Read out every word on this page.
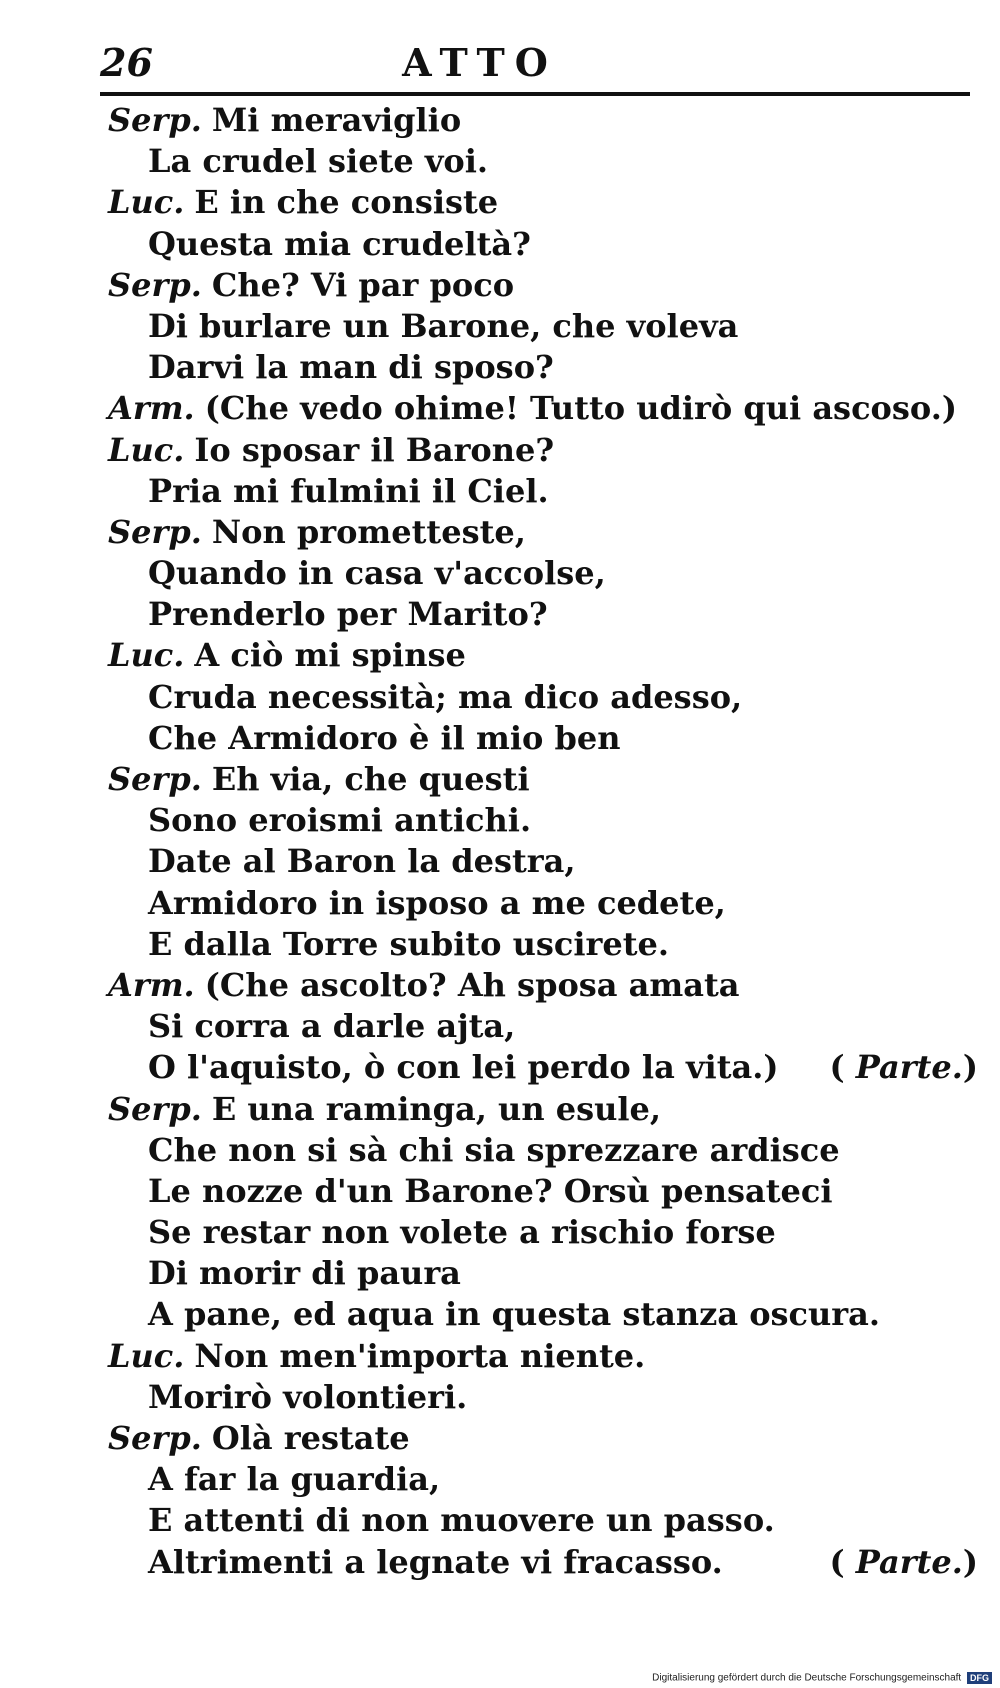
26	ATTO
Serp. Mi meraviglio
La crudel siete voi.
Luc. E in che consiste
Questa mia crudeltà?
Serp. Che? Vi par poco
Di burlare un Barone, che voleva
Darvi la man di sposo?
Arm. (Che vedo ohime! Tutto udirò qui ascoso.)
Luc. Io sposar il Barone?
Pria mi fulmini il Ciel.
Serp. Non prometteste,
Quando in casa v'accolse,
Prenderlo per Marito?
Luc. A ciò mi spinse
Cruda necessità; ma dico adesso,
Che Armidoro è il mio ben
Serp. Eh via, che questi
Sono eroismi antichi.
Date al Baron la destra,
Armidoro in isposo a me cedete,
E dalla Torre subito uscirete.
Arm. (Che ascolto? Ah sposa amata
Si corra a darle ajta,
O l'aquisto, ò con lei perdo la vita.) ( Parte.)
Serp. E una raminga, un esule,
Che non si sà chi sia sprezzare ardisce
Le nozze d'un Barone? Orsù pensateci
Se restar non volete a rischio forse
Di morir di paura
A pane, ed aqua in questa stanza oscura.
Luc. Non men'importa niente.
Morirò volontieri.
Serp. Olà restate
A far la guardia,
E attenti di non muovere un passo.
Altrimenti a legnate vi fracasso.	( Parte.)
Digitalisierung gefördert durch die Deutsche Forschungsgemeinschaft DFG
